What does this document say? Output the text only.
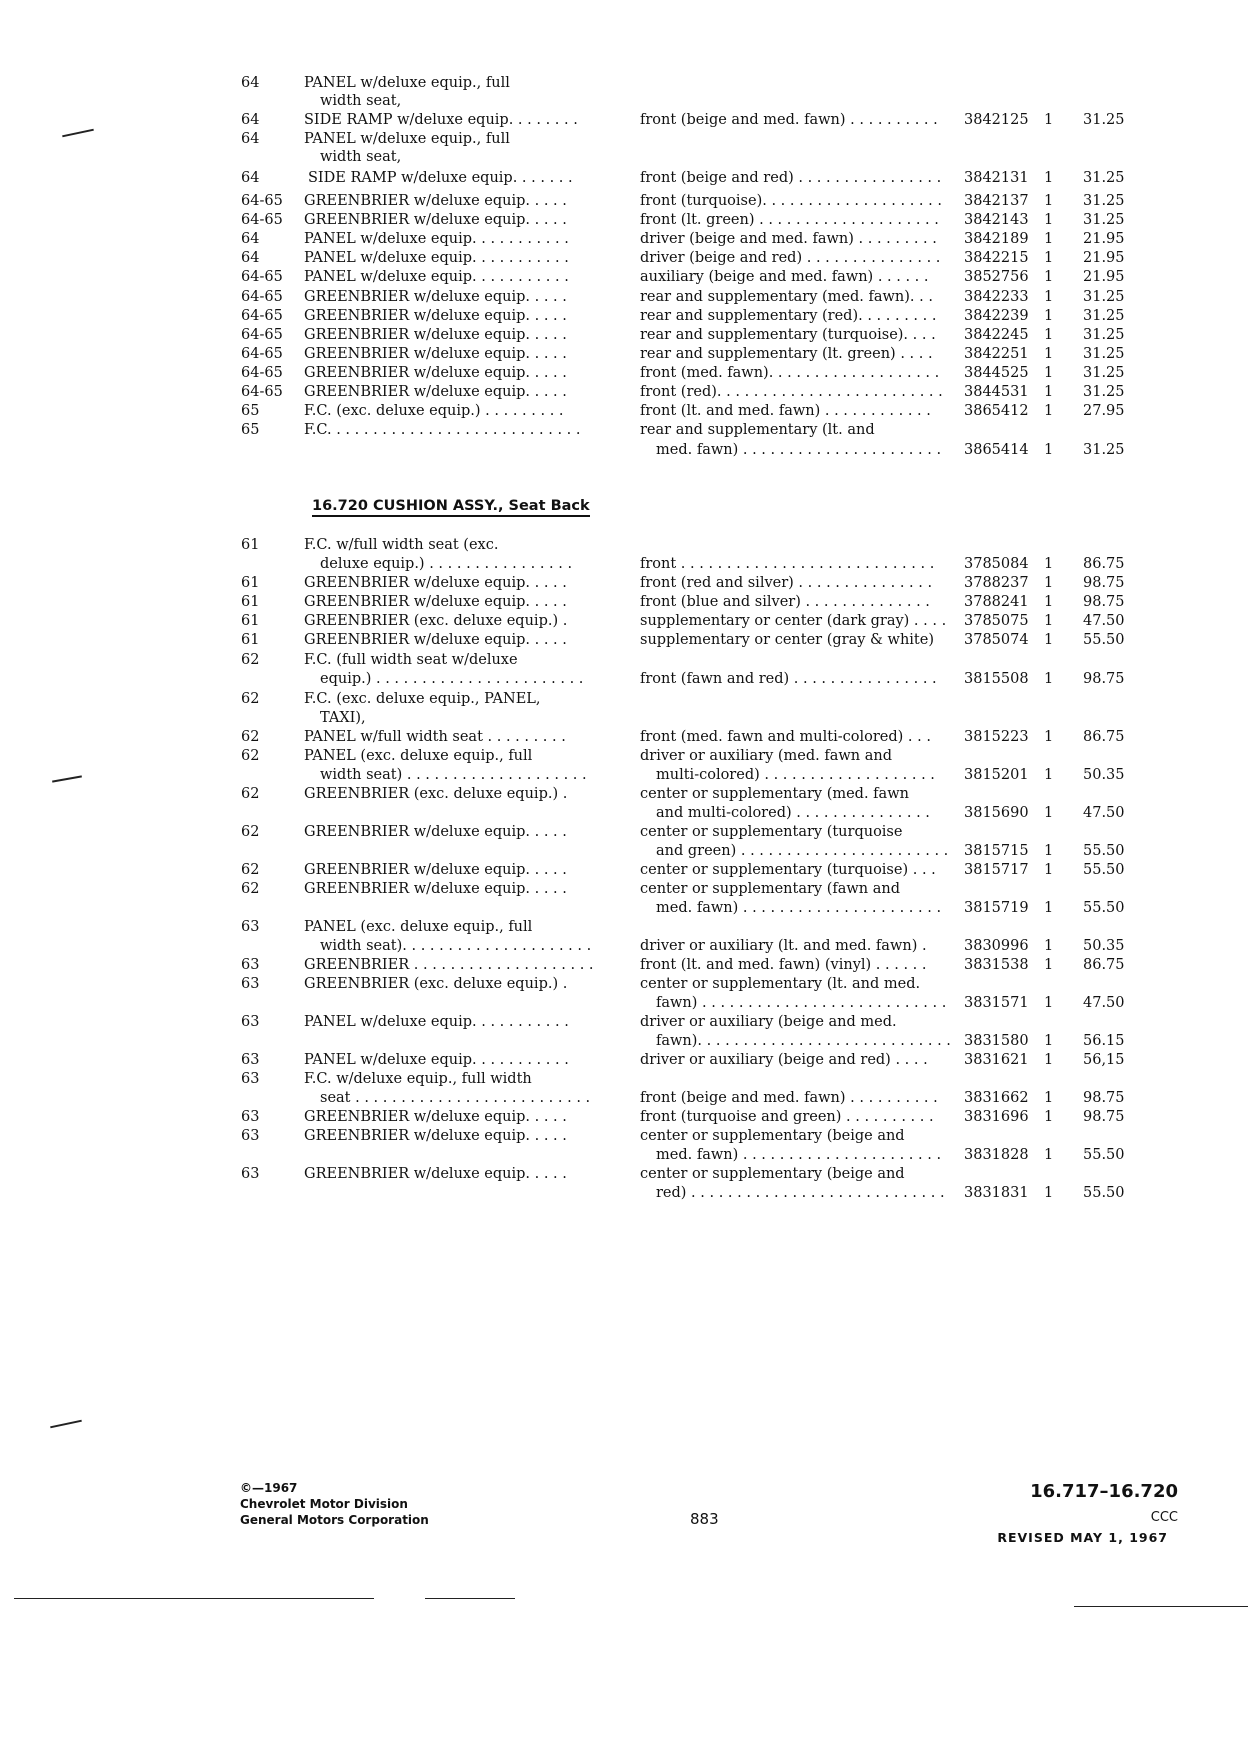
64	PANEL w/deluxe equip., full
width seat,
64	SIDE RAMP w/deluxe equip. . . . . . . .	front (beige and med. fawn) . . . . . . . . . . 3842125 1 31.25
64	PANEL w/deluxe equip., full
width seat,
64	SIDE RAMP w/deluxe equip. . . . . . .	front (beige and red) . . . . . . . . . . . . . . . . 3842131 1 31.25
64-65 GREENBRIER w/deluxe equip. . . . .	front (turquoise). . . . . . . . . . . . . . . . . . . . 3842137 1 31.25
64-65 GREENBRIER w/deluxe equip. . . . .	front (lt. green) . . . . . . . . . . . . . . . . . . . . 3842143 1 31.25
64	PANEL w/deluxe equip. . . . . . . . . . .	driver (beige and med. fawn) . . . . . . . . . 3842189 1 21.95
64	PANEL w/deluxe equip. . . . . . . . . . .	driver (beige and red) . . . . . . . . . . . . . . . 3842215 1 21.95
64-65 PANEL w/deluxe equip. . . . . . . . . . .	auxiliary (beige and med. fawn) . . . . . . 3852756 1 21.95
64-65 GREENBRIER w/deluxe equip. . . . .	rear and supplementary (med. fawn). . . 3842233 1 31.25
64-65 GREENBRIER w/deluxe equip. . . . .	rear and supplementary (red). . . . . . . . . 3842239 1 31.25
64-65 GREENBRIER w/deluxe equip. . . . .	rear and supplementary (turquoise). . . . 3842245 1 31.25
64-65 GREENBRIER w/deluxe equip. . . . .	rear and supplementary (lt. green) . . . . 3842251 1 31.25
64-65 GREENBRIER w/deluxe equip. . . . .	front (med. fawn). . . . . . . . . . . . . . . . . . . 3844525 1 31.25
64-65 GREENBRIER w/deluxe equip. . . . .	front (red). . . . . . . . . . . . . . . . . . . . . . . . . 3844531 1 31.25
65	F.C. (exc. deluxe equip.) . . . . . . . . .	front (lt. and med. fawn) . . . . . . . . . . . . 3865412 1 27.95
65	F.C. . . . . . . . . . . . . . . . . . . . . . . . . . . .	rear and supplementary (lt. and
med. fawn) . . . . . . . . . . . . . . . . . . . . . . 3865414 1 31.25
16.720 CUSHION ASSY., Seat Back
61	F.C. w/full width seat (exc.
deluxe equip.) . . . . . . . . . . . . . . . .	front . . . . . . . . . . . . . . . . . . . . . . . . . . . . 3785084 1 86.75
61	GREENBRIER w/deluxe equip. . . . .	front (red and silver) . . . . . . . . . . . . . . . 3788237 1 98.75
61	GREENBRIER w/deluxe equip. . . . .	front (blue and silver) . . . . . . . . . . . . . . 3788241 1 98.75
61	GREENBRIER (exc. deluxe equip.) .	supplementary or center (dark gray) . . . . 3785075 1 47.50
61	GREENBRIER w/deluxe equip. . . . .	supplementary or center (gray & white) 3785074 1 55.50
62	F.C. (full width seat w/deluxe
equip.) . . . . . . . . . . . . . . . . . . . . . . .	front (fawn and red) . . . . . . . . . . . . . . . . 3815508 1 98.75
62	F.C. (exc. deluxe equip., PANEL,
TAXI),
62	PANEL w/full width seat . . . . . . . . .	front (med. fawn and multi-colored) . . . 3815223 1 86.75
62	PANEL (exc. deluxe equip., full	driver or auxiliary (med. fawn and
width seat) . . . . . . . . . . . . . . . . . . . .	multi-colored) . . . . . . . . . . . . . . . . . . . 3815201 1 50.35
62	GREENBRIER (exc. deluxe equip.) .	center or supplementary (med. fawn
and multi-colored) . . . . . . . . . . . . . . . 3815690 1 47.50
62	GREENBRIER w/deluxe equip. . . . .	center or supplementary (turquoise
and green) . . . . . . . . . . . . . . . . . . . . . . . 3815715 1 55.50
62	GREENBRIER w/deluxe equip. . . . .	center or supplementary (turquoise) . . . 3815717 1 55.50
62	GREENBRIER w/deluxe equip. . . . .	center or supplementary (fawn and
med. fawn) . . . . . . . . . . . . . . . . . . . . . . 3815719 1 55.50
63	PANEL (exc. deluxe equip., full
width seat). . . . . . . . . . . . . . . . . . . . .	driver or auxiliary (lt. and med. fawn) .	3830996 1 50.35
63	GREENBRIER . . . . . . . . . . . . . . . . . . . .	front (lt. and med. fawn) (vinyl) . . . . . .	3831538 1 86.75
63	GREENBRIER (exc. deluxe equip.) .	center or supplementary (lt. and med.
fawn) . . . . . . . . . . . . . . . . . . . . . . . . . . . 3831571 1 47.50
63	PANEL w/deluxe equip. . . . . . . . . . .	driver or auxiliary (beige and med.
fawn). . . . . . . . . . . . . . . . . . . . . . . . . . . . 3831580 1 56.15
63	PANEL w/deluxe equip. . . . . . . . . . .	driver or auxiliary (beige and red) . . . .	3831621 1 56,15
63	F.C. w/deluxe equip., full width
seat . . . . . . . . . . . . . . . . . . . . . . . . . .	front (beige and med. fawn) . . . . . . . . . . 3831662 1 98.75
63	GREENBRIER w/deluxe equip. . . . .	front (turquoise and green) . . . . . . . . . . 3831696 1 98.75
63	GREENBRIER w/deluxe equip. . . . .	center or supplementary (beige and
med. fawn) . . . . . . . . . . . . . . . . . . . . . . 3831828 1 55.50
63	GREENBRIER w/deluxe equip. . . . .	center or supplementary (beige and
red) . . . . . . . . . . . . . . . . . . . . . . . . . . . . 3831831 1 55.50
©—1967
Chevrolet Motor Division
General Motors Corporation	883
16.717–16.720
CCC
REVISED MAY 1, 1967
